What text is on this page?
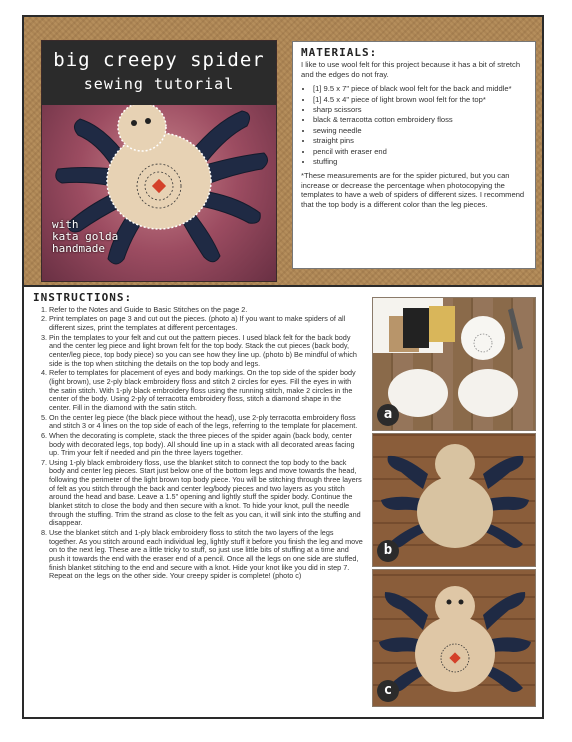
big creepy spider
sewing tutorial
with
kata golda
handmade
MATERIALS:

I like to use wool felt for this project because it has a bit of stretch and the edges do not fray.

• [1] 9.5 x 7" piece of black wool felt for the back and middle*
• [1] 4.5 x 4" piece of light brown wool felt for the top*
• sharp scissors
• black & terracotta cotton embroidery floss
• sewing needle
• straight pins
• pencil with eraser end
• stuffing

*These measurements are for the spider pictured, but you can increase or decrease the percentage when photocopying the templates to have a web of spiders of different sizes. I recommend that the top body is a different color than the leg pieces.

INSTRUCTIONS:
1. Refer to the Notes and Guide to Basic Stitches on the page 2.
2. Print templates on page 3 and cut out the pieces. (photo a) If you want to make spiders of all different sizes, print the templates at different percentages.
3. Pin the templates to your felt and cut out the pattern pieces. I used black felt for the back body and the center leg piece and light brown felt for the top body. Stack the cut pieces (back body, center/leg piece, top body piece) so you can see how they line up. (photo b) Be mindful of which side is the top when stitching the details on the top body and legs.
4. Refer to templates for placement of eyes and body markings. On the top side of the spider body (light brown), use 2-ply black embroidery floss and stitch 2 circles for eyes. Fill the eyes in with the satin stitch. With 1-ply black embroidery floss using the running stitch, make 2 circles in the center of the body. Using 2-ply of terracotta embroidery floss, stitch a diamond shape in the center. Fill in the diamond with the satin stitch.
5. On the center leg piece (the black piece without the head), use 2-ply terracotta embroidery floss and stitch 3 or 4 lines on the top side of each of the legs, referring to the template for placement.
6. When the decorating is complete, stack the three pieces of the spider again (back body, center body with decorated legs, top body). All should line up in a stack with all decorated areas facing up. Trim your felt if needed and pin the three layers together.
7. Using 1-ply black embroidery floss, use the blanket stitch to connect the top body to the back body and center leg pieces. Start just below one of the bottom legs and move towards the head, following the perimeter of the light brown top body piece. You will be stitching through three layers of felt as you stitch through the back and center leg/body pieces and two layers as you stitch around the head and base. Leave a 1.5" opening and lightly stuff the spider body. Continue the blanket stitch to close the body and then secure with a knot. To hide your knot, pull the needle through the stuffing. Trim the strand as close to the felt as you can, it will sink into the stuffing and disappear.
8. Use the blanket stitch and 1-ply black embroidery floss to stitch the two layers of the legs together. As you stitch around each individual leg, lightly stuff it before you finish the leg and move on to the next leg. These are a little tricky to stuff, so just use little bits of stuffing at a time and push it towards the end with the eraser end of a pencil. Once all the legs on one side are stuffed, finish blanket stitching to the end and secure with a knot. Hide your knot like you did in step 7. Repeat on the legs on the other side. Your creepy spider is complete! (photo c)
a
b
c
